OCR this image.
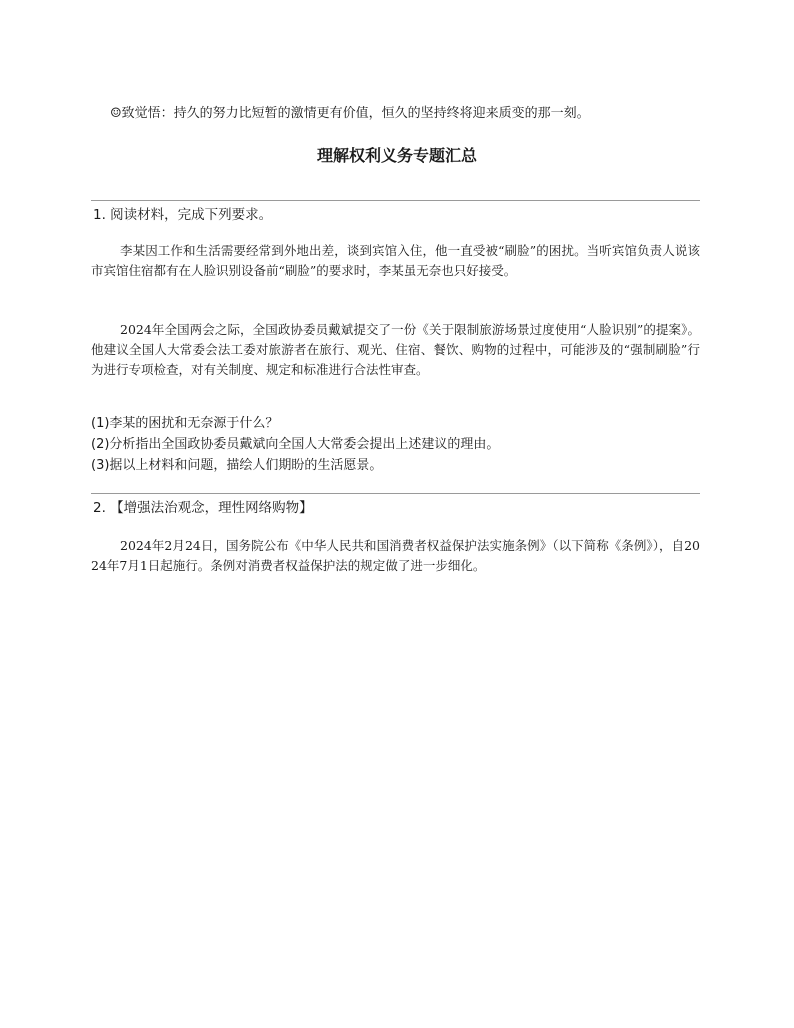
☺致觉悟：持久的努力比短暂的激情更有价值，恒久的坚持终将迎来质变的那一刻。
理解权利义务专题汇总
1. 阅读材料，完成下列要求。
李某因工作和生活需要经常到外地出差，谈到宾馆入住，他一直受被“刷脸”的困扰。当听宾馆负责人说该市宾馆住宿都有在人脸识别设备前“刷脸”的要求时，李某虽无奈也只好接受。
2024年全国两会之际，全国政协委员戴斌提交了一份《关于限制旅游场景过度使用“人脸识别”的提案》。他建议全国人大常委会法工委对旅游者在旅行、观光、住宿、餐饮、购物的过程中，可能涉及的“强制刷脸”行为进行专项检查，对有关制度、规定和标准进行合法性审查。
(1)李某的困扰和无奈源于什么？
(2)分析指出全国政协委员戴斌向全国人大常委会提出上述建议的理由。
(3)据以上材料和问题，描绘人们期盼的生活愿景。
2. 【增强法治观念，理性网络购物】
2024年2月24日，国务院公布《中华人民共和国消费者权益保护法实施条例》（以下简称《条例》），自2024年7月1日起施行。条例对消费者权益保护法的规定做了进一步细化。
